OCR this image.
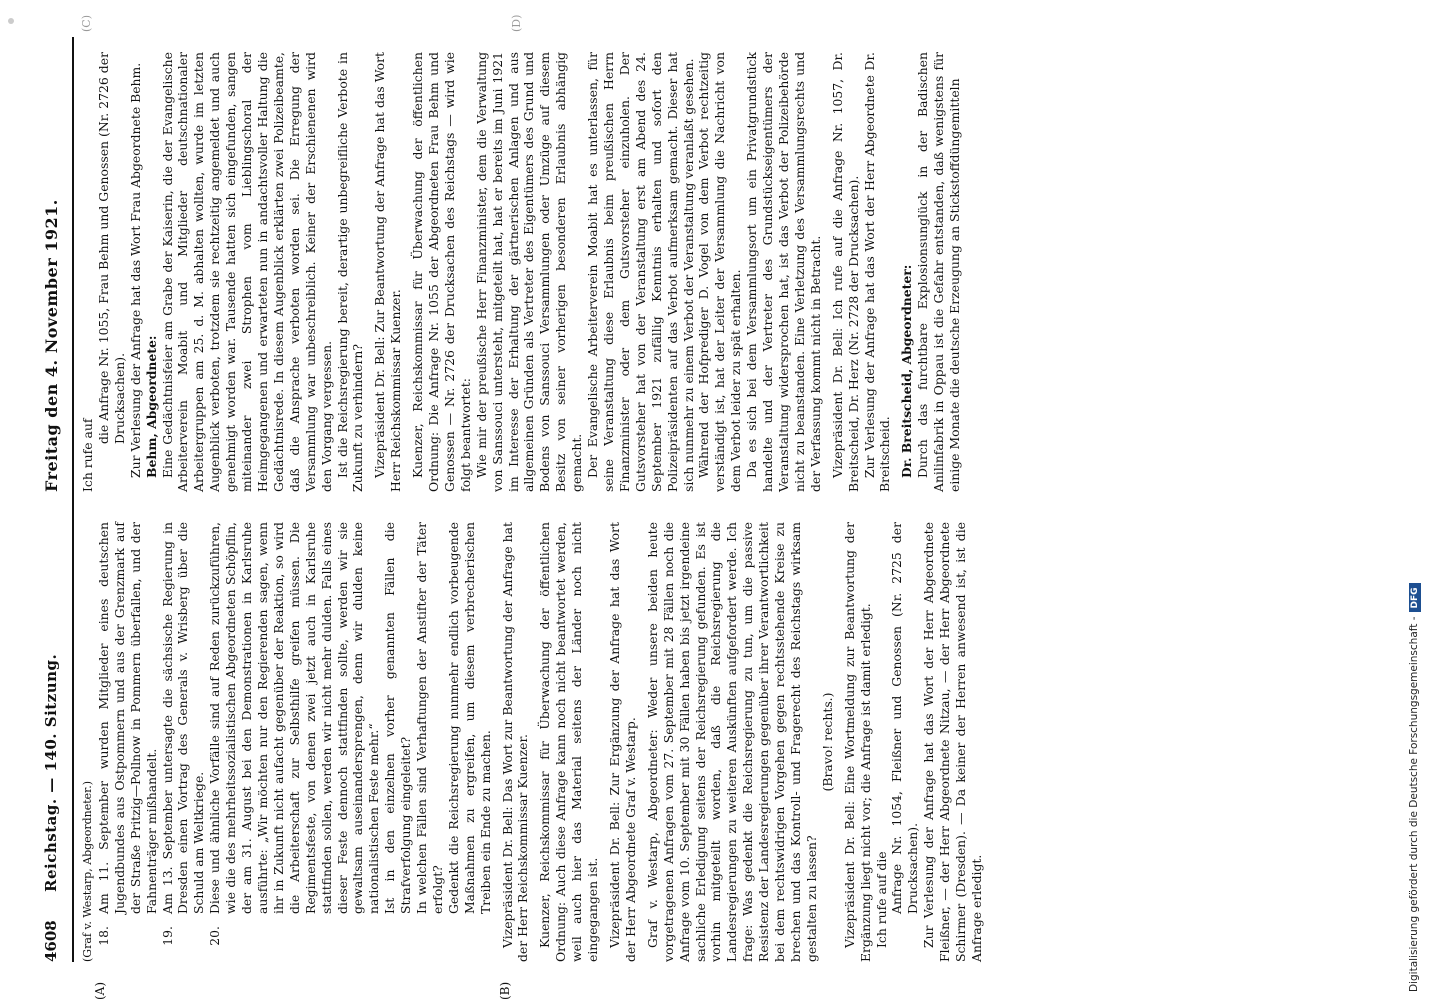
4608
Reichstag. — 140. Sitzung.
Freitag den 4. November 1921.
(A)	(B)
(C)	(D)

(Graf v. Westarp, Abgeordneter.) 18.
Am 11. September wurden Mitglieder eines deutschen Jugendbundes aus Ostpommern und aus der Grenzmark auf der Straße Pritzig—Pollnow in Pommern überfallen, und der Fahnenträger mißhandelt.

19.
Am 13. September untersagte die sächsische Regierung in Dresden einen Vortrag des Generals v. Wrisberg über die Schuld am Weltkriege.

20.
Diese und ähnliche Vorfälle sind auf Reden zurückzuführen, wie die des mehrheitssozialistischen Abgeordneten Schöpflin, der am 31. August bei den Demonstrationen in Karlsruhe ausführte: „Wir möchten nur den Regierenden sagen, wenn ihr in Zukunft nicht aufacht gegenüber der Reaktion, so wird die Arbeiterschaft zur Selbsthilfe greifen müssen. Die Regimentsfeste, von denen zwei jetzt auch in Karlsruhe stattfinden sollen, werden wir nicht mehr dulden. Falls eines dieser Feste dennoch stattfinden sollte, werden wir sie gewaltsam auseinandersprengen, denn wir dulden keine nationalistischen Feste mehr.“ Ist in den einzelnen vorher genannten Fällen die Strafverfolgung eingeleitet? In welchen Fällen sind Verhaftungen der Anstifter der Täter erfolgt? Gedenkt die Reichsregierung nunmehr endlich vorbeugende Maßnahmen zu ergreifen, um diesem verbrecherischen Treiben ein Ende zu machen. Vizepräsident Dr. Bell: Das Wort zur Beantwortung der Anfrage hat der Herr Reichskommissar Kuenzer. Kuenzer, Reichskommissar für Überwachung der öffentlichen Ordnung: Auch diese Anfrage kann noch nicht beantwortet werden, weil auch hier das Material seitens der Länder noch nicht eingegangen ist. Vizepräsident Dr. Bell: Zur Ergänzung der Anfrage hat das Wort der Herr Abgeordnete Graf v. Westarp. Graf v. Westarp, Abgeordneter: Weder unsere beiden heute vorgetragenen Anfragen vom 27. September mit 28 Fällen noch die Anfrage vom 10. September mit 30 Fällen haben bis jetzt irgendeine sachliche Erledigung seitens der Reichsregierung gefunden. Es ist vorhin mitgeteilt worden, daß die Reichsregierung die Landesregierungen zu weiteren Auskünften aufgefordert werde. Ich frage: Was gedenkt die Reichsregierung zu tun, um die passive Resistenz der Landesregierungen gegenüber ihrer Verantwortlichkeit bei dem rechtswidrigen Vorgehen gegen rechtsstehende Kreise zu brechen und das Kontroll- und Fragerecht des Reichstags wirksam gestalten zu lassen?

(Bravo! rechts.) Vizepräsident Dr. Bell: Eine Wortmeldung zur Beantwortung der Ergänzung liegt nicht vor; die Anfrage ist damit erledigt. Ich rufe auf die Anfrage Nr. 1054, Fleißner und Genossen (Nr. 2725 der Drucksachen). Zur Verlesung der Anfrage hat das Wort der Herr Abgeordnete Fleißner, — der Herr Abgeordnete Nitzau, — der Herr Abgeordnete Schirmer (Dresden). — Da keiner der Herren anwesend ist, ist die Anfrage erledigt.

Ich rufe auf

die Anfrage Nr. 1055, Frau Behm und Genossen (Nr. 2726 der Drucksachen). Zur Verlesung der Anfrage hat das Wort Frau Abgeordnete Behm. Behm, Abgeordnete: Eine Gedächtnisfeier am Grabe der Kaiserin, die der Evangelische Arbeiterverein Moabit und Mitglieder deutschnationaler Arbeitergruppen am 25. d. M. abhalten wollten, wurde im letzten Augenblick verboten, trotzdem sie rechtzeitig angemeldet und auch genehmigt worden war. Tausende hatten sich eingefunden, sangen miteinander zwei Strophen vom Lieblingschoral der Heimgegangenen und erwarteten nun in andachtsvoller Haltung die Gedächtnisrede. In diesem Augenblick erklärten zwei Polizeibeamte, daß die Ansprache verboten worden sei. Die Erregung der Versammlung war unbeschreiblich. Keiner der Erschienenen wird den Vorgang vergessen. Ist die Reichsregierung bereit, derartige unbegreifliche Verbote in Zukunft zu verhindern? Vizepräsident Dr. Bell: Zur Beantwortung der Anfrage hat das Wort Herr Reichskommissar Kuenzer. Kuenzer, Reichskommissar für Überwachung der öffentlichen Ordnung: Die Anfrage Nr. 1055 der Abgeordneten Frau Behm und Genossen — Nr. 2726 der Drucksachen des Reichstags — wird wie folgt beantwortet: Wie mir der preußische Herr Finanzminister, dem die Verwaltung von Sanssouci untersteht, mitgeteilt hat, hat er bereits im Juni 1921 im Interesse der Erhaltung der gärtnerischen Anlagen und aus allgemeinen Gründen als Vertreter des Eigentümers des Grund und Bodens von Sanssouci Versammlungen oder Umzüge auf diesem Besitz von seiner vorherigen besonderen Erlaubnis abhängig gemacht. Der Evangelische Arbeiterverein Moabit hat es unterlassen, für seine Veranstaltung diese Erlaubnis beim preußischen Herrn Finanzminister oder dem Gutsvorsteher einzuholen. Der Gutsvorsteher hat von der Veranstaltung erst am Abend des 24. September 1921 zufällig Kenntnis erhalten und sofort den Polizeipräsidenten auf das Verbot aufmerksam gemacht. Dieser hat sich nunmehr zu einem Verbot der Veranstaltung veranlaßt gesehen. Während der Hofprediger D. Vogel von dem Verbot rechtzeitig verständigt ist, hat der Leiter der Versammlung die Nachricht von dem Verbot leider zu spät erhalten. Da es sich bei dem Versammlungsort um ein Privatgrundstück handelte und der Vertreter des Grundstückseigentümers der Veranstaltung widersprochen hat, ist das Verbot der Polizeibehörde nicht zu beanstanden. Eine Verletzung des Versammlungsrechts und der Verfassung kommt nicht in Betracht. Vizepräsident Dr. Bell: Ich rufe auf die Anfrage Nr. 1057, Dr. Breitscheid, Dr. Herz (Nr. 2728 der Drucksachen). Zur Verlesung der Anfrage hat das Wort der Herr Abgeordnete Dr. Breitscheid. Dr. Breitscheid, Abgeordneter: Durch das furchtbare Explosionsunglück in der Badischen Anilinfabrik in Oppau ist die Gefahr entstanden, daß wenigstens für einige Monate die deutsche Erzeugung an Stickstoffdüngemitteln

Digitalisierung gefördert durch die Deutsche Forschungsgemeinschaft -DFG
